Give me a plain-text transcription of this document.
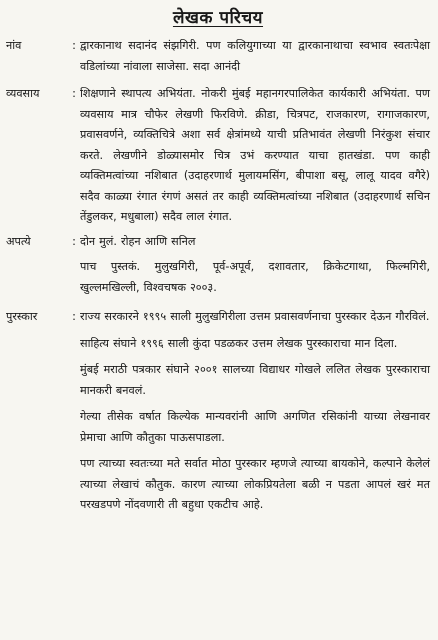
लेखक परिचय
नांव	: द्वारकानाथ सदानंद संझगिरी. पण कलियुगाच्या या द्वारकानाथाचा स्वभाव स्वतःपेक्षा वडिलांच्या नांवाला साजेसा. सदा आनंदी

व्यवसाय	: शिक्षणाने स्थापत्य अभियंता. नोकरी मुंबई महानगरपालिकेत कार्यकारी अभियंता. पण व्यवसाय मात्र चौफेर लेखणी फिरविणे. क्रीडा, चित्रपट, राजकारण, रागाजकारण, प्रवासवर्णने, व्यक्तिचित्रे अशा सर्व क्षेत्रांमध्ये याची प्रतिभावंत लेखणी निरंकुश संचार करते. लेखणीने डोळ्यासमोर चित्र उभं करण्यात याचा हातखंडा. पण काही व्यक्तिमत्वांच्या नशिबात (उदाहरणार्थ मुलायमसिंग, बीपाशा बसू, लालू यादव वगैरे) सदैव काळ्या रंगात रंगणं असतं तर काही व्यक्तिमत्वांच्या नशिबात (उदाहरणार्थ सचिन तेंडुलकर, मधुबाला) सदैव लाल रंगात.

अपत्ये	: दोन मुलं. रोहन आणि सनिल

पाच पुस्तकं. मुलुखगिरी, पूर्व-अपूर्व, दशावतार, क्रिकेटगाथा, फिल्मगिरी, खुल्लमखिल्ली, विश्वचषक २००३.

पुरस्कार	: राज्य सरकारने १९९५ साली मुलुखगिरीला उत्तम प्रवासवर्णनाचा पुरस्कार देऊन गौरविलं.

साहित्य संघाने १९९६ साली कुंदा पडळकर उत्तम लेखक पुरस्काराचा मान दिला.

मुंबई मराठी पत्रकार संघाने २००१ सालच्या विद्याधर गोखले ललित लेखक पुरस्काराचा मानकरी बनवलं.

गेल्या तीसेक वर्षात किल्येक मान्यवरांनी आणि अगणित रसिकांनी याच्या लेखनावर प्रेमाचा आणि कौतुका पाऊसपाडला.

पण त्याच्या स्वतःच्या मते सर्वात मोठा पुरस्कार म्हणजे त्याच्या बायकोने, कल्पाने केलेलं त्याच्या लेखाचं कौतुक. कारण त्याच्या लोकप्रियतेला बळी न पडता आपलं खरं मत परखडपणे नोंदवणारी ती बहुधा एकटीच आहे.
